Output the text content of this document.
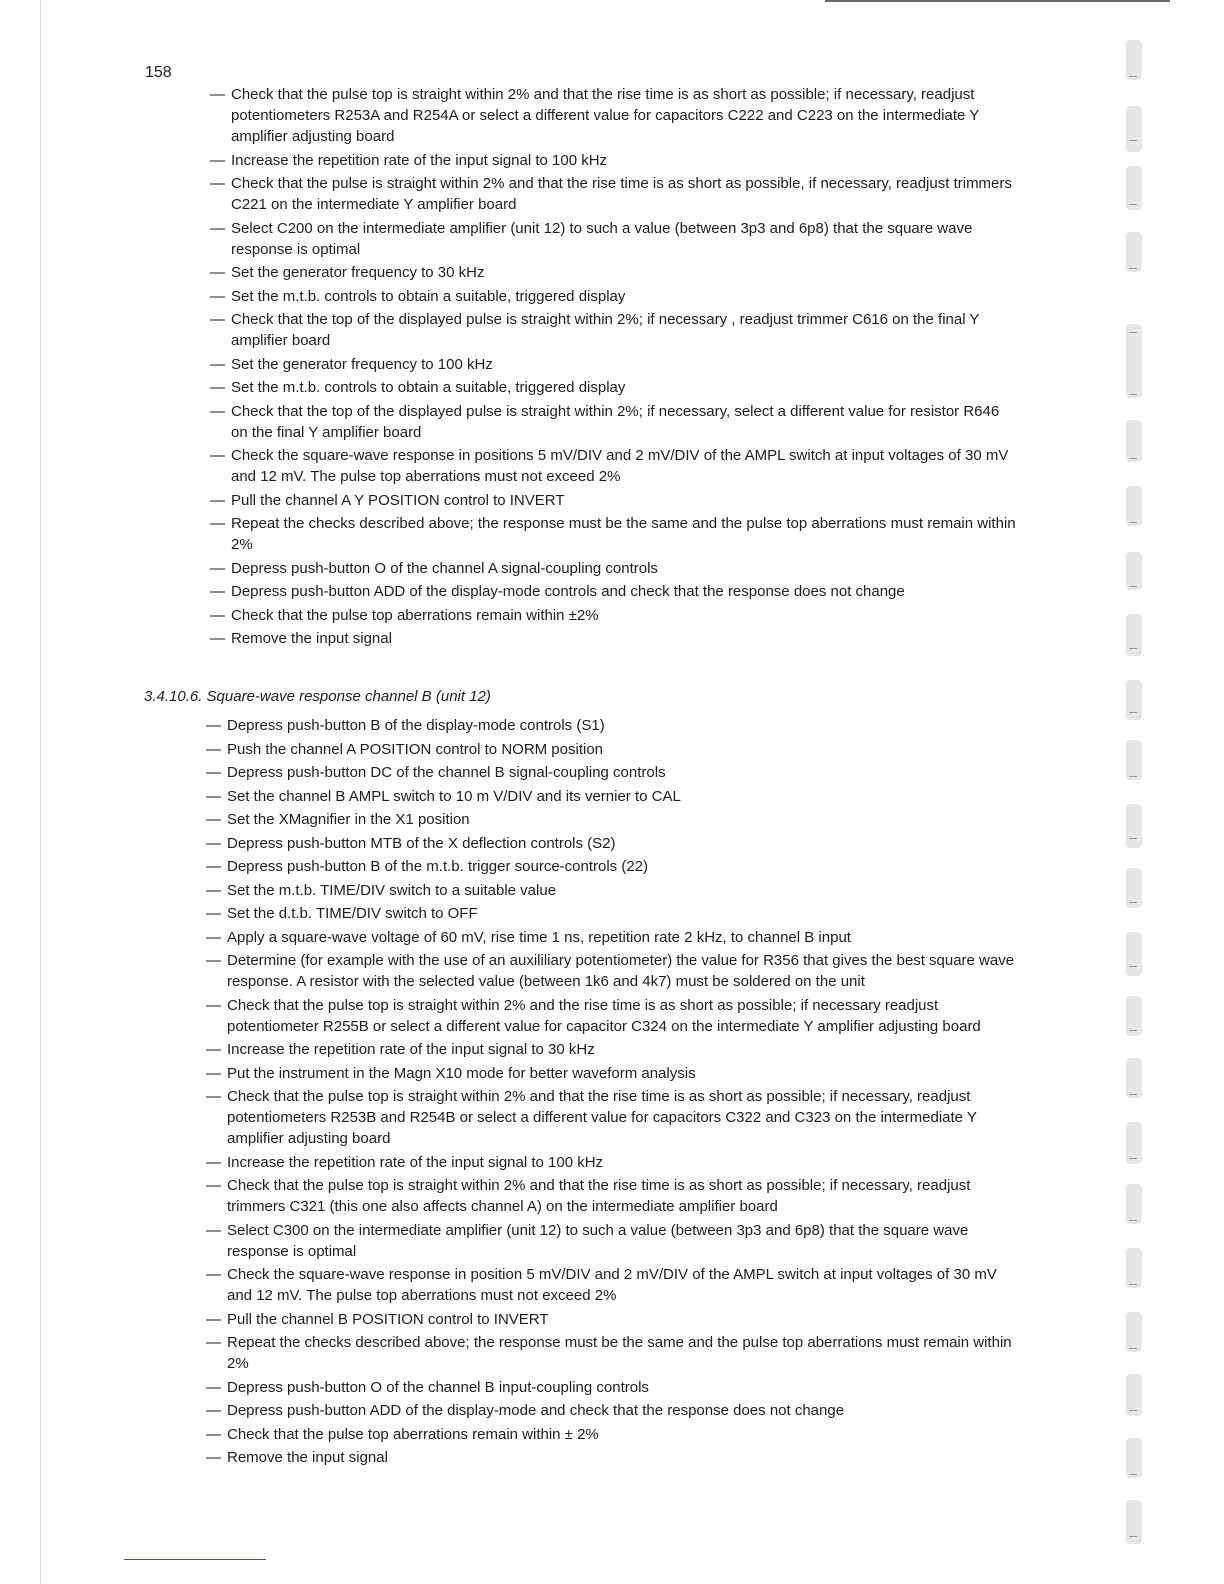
158
— Check that the pulse top is straight within 2% and that the rise time is as short as possible; if necessary, readjust potentiometers R253A and R254A or select a different value for capacitors C222 and C223 on the intermediate Y amplifier adjusting board
— Increase the repetition rate of the input signal to 100 kHz
— Check that the pulse is straight within 2% and that the rise time is as short as possible, if necessary, readjust trimmers C221 on the intermediate Y amplifier board
— Select C200 on the intermediate amplifier (unit 12) to such a value (between 3p3 and 6p8) that the square wave response is optimal
— Set the generator frequency to 30 kHz
— Set the m.t.b. controls to obtain a suitable, triggered display
— Check that the top of the displayed pulse is straight within 2%; if necessary , readjust trimmer C616 on the final Y amplifier board
— Set the generator frequency to 100 kHz
— Set the m.t.b. controls to obtain a suitable, triggered display
— Check that the top of the displayed pulse is straight within 2%; if necessary, select a different value for resistor R646 on the final Y amplifier board
— Check the square-wave response in positions 5 mV/DIV and 2 mV/DIV of the AMPL switch at input voltages of 30 mV and 12 mV. The pulse top aberrations must not exceed 2%
— Pull the channel A Y POSITION control to INVERT
— Repeat the checks described above; the response must be the same and the pulse top aberrations must remain within 2%
— Depress push-button O of the channel A signal-coupling controls
— Depress push-button ADD of the display-mode controls and check that the response does not change
— Check that the pulse top aberrations remain within ±2%
— Remove the input signal
3.4.10.6. Square-wave response channel B (unit 12)
— Depress push-button B of the display-mode controls (S1)
— Push the channel A POSITION control to NORM position
— Depress push-button DC of the channel B signal-coupling controls
— Set the channel B AMPL switch to 10 m V/DIV and its vernier to CAL
— Set the XMagnifier in the X1 position
— Depress push-button MTB of the X deflection controls (S2)
— Depress push-button B of the m.t.b. trigger source-controls (22)
— Set the m.t.b. TIME/DIV switch to a suitable value
— Set the d.t.b. TIME/DIV switch to OFF
— Apply a square-wave voltage of 60 mV, rise time 1 ns, repetition rate 2 kHz, to channel B input
— Determine (for example with the use of an auxililiary potentiometer) the value for R356 that gives the best square wave response. A resistor with the selected value (between 1k6 and 4k7) must be soldered on the unit
— Check that the pulse top is straight within 2% and the rise time is as short as possible; if necessary readjust potentiometer R255B or select a different value for capacitor C324 on the intermediate Y amplifier adjusting board
— Increase the repetition rate of the input signal to 30 kHz
— Put the instrument in the Magn X10 mode for better waveform analysis
— Check that the pulse top is straight within 2% and that the rise time is as short as possible; if necessary, readjust potentiometers R253B and R254B or select a different value for capacitors C322 and C323 on the intermediate Y amplifier adjusting board
— Increase the repetition rate of the input signal to 100 kHz
— Check that the pulse top is straight within 2% and that the rise time is as short as possible; if necessary, readjust trimmers C321 (this one also affects channel A) on the intermediate amplifier board
— Select C300 on the intermediate amplifier (unit 12) to such a value (between 3p3 and 6p8) that the square wave response is optimal
— Check the square-wave response in position 5 mV/DIV and 2 mV/DIV of the AMPL switch at input voltages of 30 mV and 12 mV. The pulse top aberrations must not exceed 2%
— Pull the channel B POSITION control to INVERT
— Repeat the checks described above; the response must be the same and the pulse top aberrations must remain within 2%
— Depress push-button O of the channel B input-coupling controls
— Depress push-button ADD of the display-mode and check that the response does not change
— Check that the pulse top aberrations remain within ± 2%
— Remove the input signal
